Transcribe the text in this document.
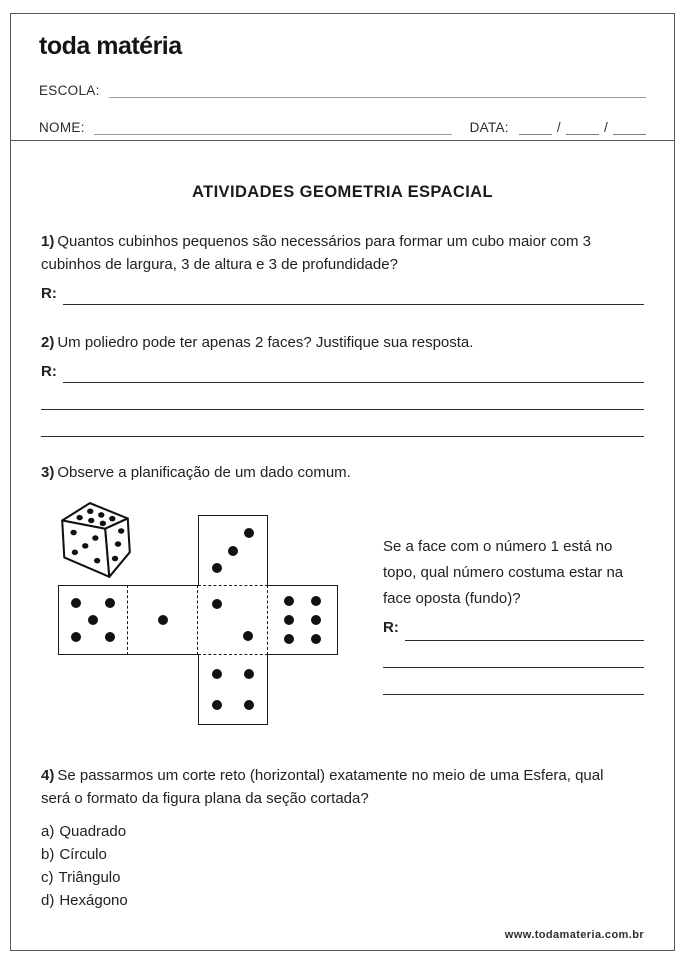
toda matéria
ESCOLA:
NOME:	DATA:	/	/
ATIVIDADES GEOMETRIA ESPACIAL
1) Quantos cubinhos pequenos são necessários para formar um cubo maior com 3 cubinhos de largura, 3 de altura e 3 de profundidade?
R:
2) Um poliedro pode ter apenas 2 faces? Justifique sua resposta.
R:
3) Observe a planificação de um dado comum.
Se a face com o número 1 está no topo, qual número costuma estar na face oposta (fundo)?
R:
4) Se passarmos um corte reto (horizontal) exatamente no meio de uma Esfera, qual será o formato da figura plana da seção cortada?
a) Quadrado
b) Círculo
c) Triângulo
d) Hexágono
www.todamateria.com.br
